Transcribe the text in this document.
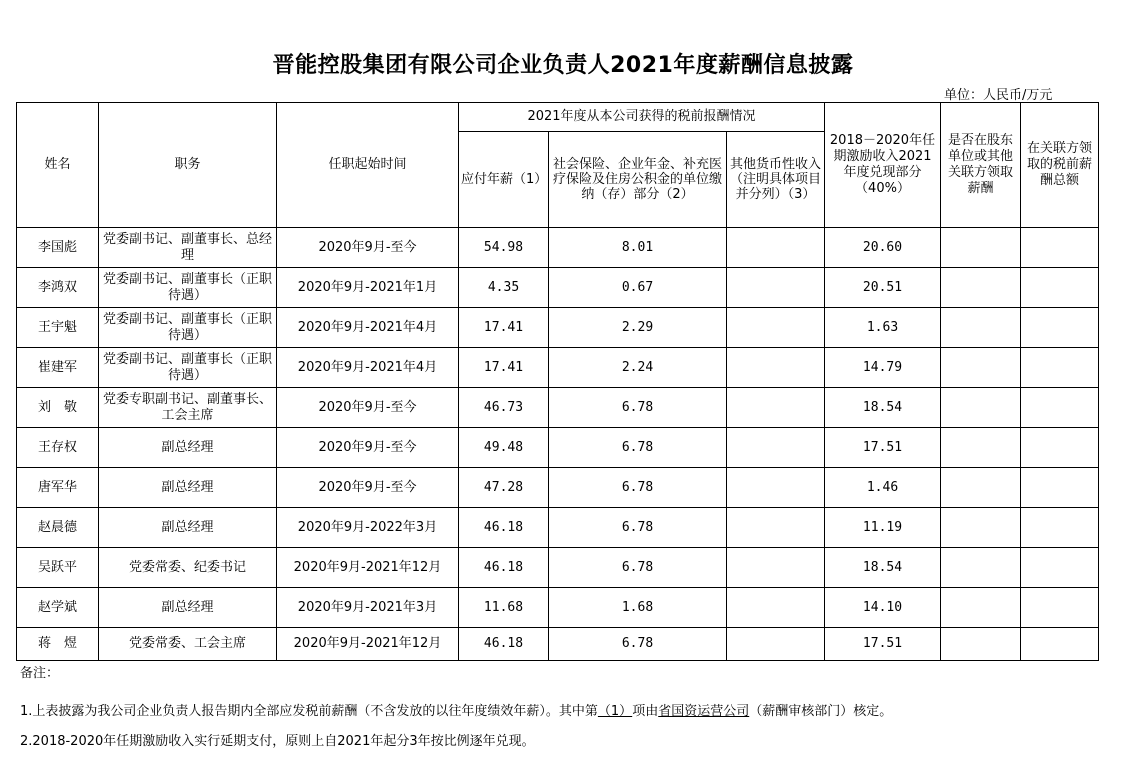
晋能控股集团有限公司企业负责人2021年度薪酬信息披露
单位：人民币/万元
姓名	职务	任职起始时间	2021年度从本公司获得的税前报酬情况			2018－2020年任期激励收入2021年度兑现部分（40%）	是否在股东单位或其他关联方领取薪酬	在关联方领取的税前薪酬总额
			应付年薪（1）	社会保险、企业年金、补充医疗保险及住房公积金的单位缴纳（存）部分（2）	其他货币性收入（注明具体项目并分列）（3）			
李国彪	党委副书记、副董事长、总经理	2020年9月-至今	54.98	8.01		20.60		
李鸿双	党委副书记、副董事长（正职待遇）	2020年9月-2021年1月	4.35	0.67		20.51		
王宇魁	党委副书记、副董事长（正职待遇）	2020年9月-2021年4月	17.41	2.29		1.63		
崔建军	党委副书记、副董事长（正职待遇）	2020年9月-2021年4月	17.41	2.24		14.79		
刘　敬	党委专职副书记、副董事长、工会主席	2020年9月-至今	46.73	6.78		18.54		
王存权	副总经理	2020年9月-至今	49.48	6.78		17.51		
唐军华	副总经理	2020年9月-至今	47.28	6.78		1.46		
赵晨德	副总经理	2020年9月-2022年3月	46.18	6.78		11.19		
吴跃平	党委常委、纪委书记	2020年9月-2021年12月	46.18	6.78		18.54		
赵学斌	副总经理	2020年9月-2021年3月	11.68	1.68		14.10		
蒋　煜	党委常委、工会主席	2020年9月-2021年12月	46.18	6.78		17.51		
备注：
1.上表披露为我公司企业负责人报告期内全部应发税前薪酬（不含发放的以往年度绩效年薪）。其中第（1）项由省国资运营公司（薪酬审核部门）核定。
2.2018-2020年任期激励收入实行延期支付，原则上自2021年起分3年按比例逐年兑现。
